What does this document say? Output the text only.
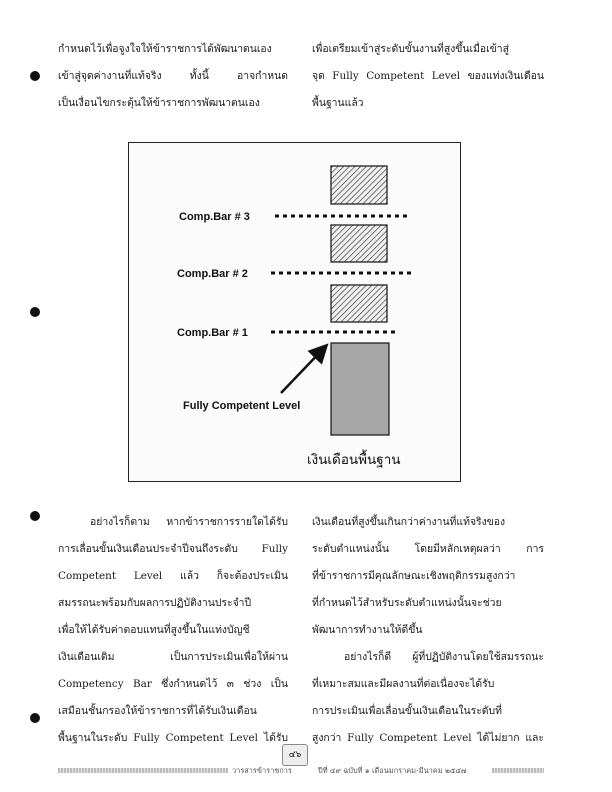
กำหนดไว้เพื่อจูงใจให้ข้าราชการได้พัฒนาตนเอง

เข้าสู่จุดค่างานที่แท้จริง ทั้งนี้ อาจกำหนด

เป็นเงื่อนไขกระตุ้นให้ข้าราชการพัฒนาตนเอง

เพื่อเตรียมเข้าสู่ระดับขั้นงานที่สูงขึ้นเมื่อเข้าสู่

จุด Fully Competent Level ของแท่งเงินเดือน

พื้นฐานแล้ว

Comp.Bar # 3
Comp.Bar # 2
Comp.Bar # 1
Fully Competent Level
เงินเดือนพื้นฐาน

อย่างไรก็ตาม หากข้าราชการรายใดได้รับ

การเลื่อนขั้นเงินเดือนประจำปีจนถึงระดับ Fully

Competent Level แล้ว ก็จะต้องประเมิน

สมรรถนะพร้อมกับผลการปฏิบัติงานประจำปี

เพื่อให้ได้รับค่าตอบแทนที่สูงขึ้นในแท่งบัญชี

เงินเดือนเดิม เป็นการประเมินเพื่อให้ผ่าน

Competency Bar ซึ่งกำหนดไว้ ๓ ช่วง เป็น

เสมือนชั้นกรองให้ข้าราชการที่ได้รับเงินเดือน

พื้นฐานในระดับ Fully Competent Level ได้รับ

เงินเดือนที่สูงขึ้นเกินกว่าค่างานที่แท้จริงของ

ระดับตำแหน่งนั้น โดยมีหลักเหตุผลว่า การ

ที่ข้าราชการมีคุณลักษณะเชิงพฤติกรรมสูงกว่า

ที่กำหนดไว้สำหรับระดับตำแหน่งนั้นจะช่วย

พัฒนาการทำงานให้ดีขึ้น

อย่างไรก็ดี ผู้ที่ปฏิบัติงานโดยใช้สมรรถนะ

ที่เหมาะสมและมีผลงานที่ต่อเนื่องจะได้รับ

การประเมินเพื่อเลื่อนขั้นเงินเดือนในระดับที่

สูงกว่า Fully Competent Level ได้ไม่ยาก และ

วารสารข้าราชการ
๔๖
ปีที่ ๔๙ ฉบับที่ ๑ เดือนมกราคม-มีนาคม ๒๕๔๗
